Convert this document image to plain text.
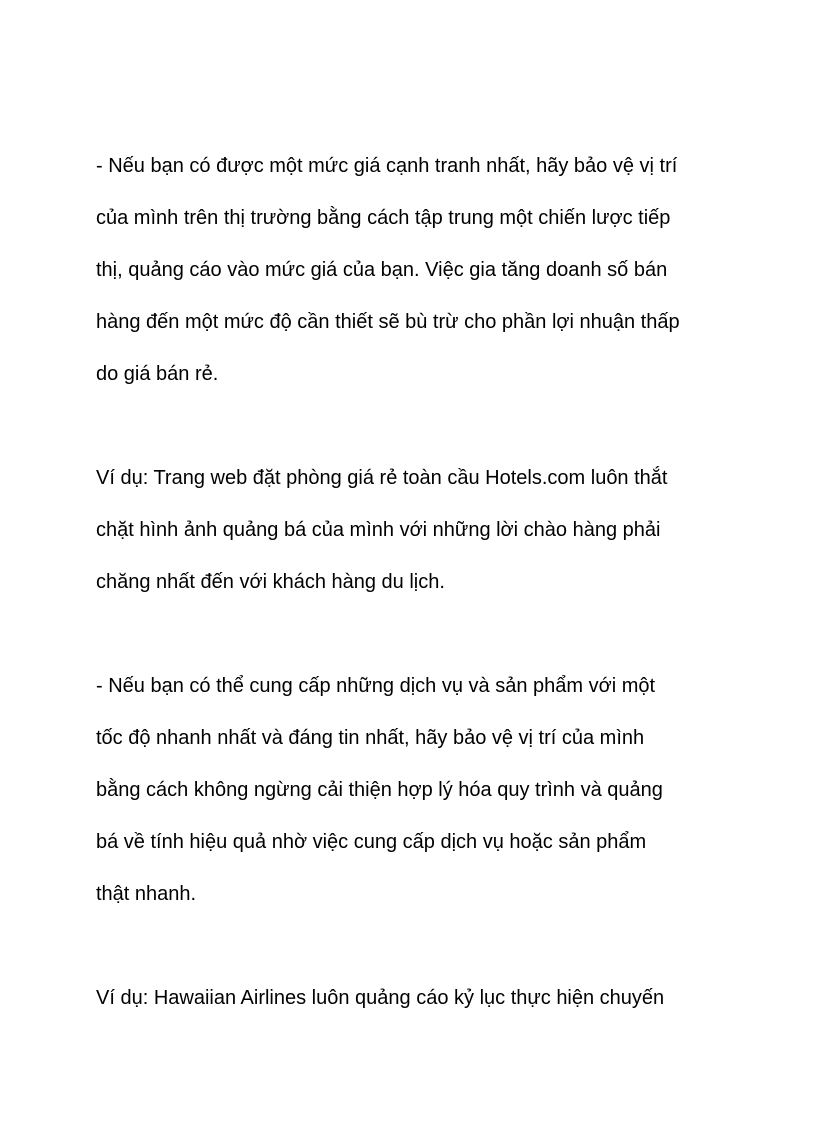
- Nếu bạn có được một mức giá cạnh tranh nhất, hãy bảo vệ vị trí
của mình trên thị trường bằng cách tập trung một chiến lược tiếp
thị, quảng cáo vào mức giá của bạn. Việc gia tăng doanh số bán
hàng đến một mức độ cần thiết sẽ bù trừ cho phần lợi nhuận thấp
do giá bán rẻ.
Ví dụ: Trang web đặt phòng giá rẻ toàn cầu Hotels.com luôn thắt
chặt hình ảnh quảng bá của mình với những lời chào hàng phải
chăng nhất đến với khách hàng du lịch.
- Nếu bạn có thể cung cấp những dịch vụ và sản phẩm với một
tốc độ nhanh nhất và đáng tin nhất, hãy bảo vệ vị trí của mình
bằng cách không ngừng cải thiện hợp lý hóa quy trình và quảng
bá về tính hiệu quả nhờ việc cung cấp dịch vụ hoặc sản phẩm
thật nhanh.
Ví dụ: Hawaiian Airlines luôn quảng cáo kỷ lục thực hiện chuyến
